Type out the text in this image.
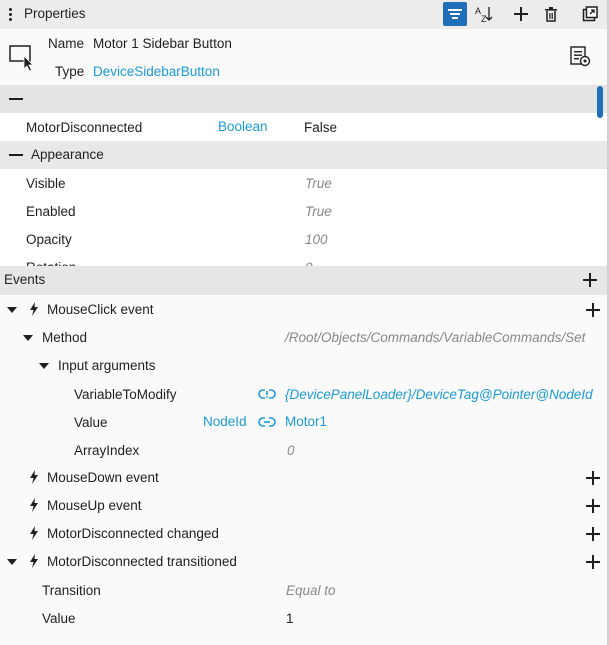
Properties	A
Z
Name Motor 1 Sidebar Button
Type DeviceSidebarButton
MotorDisconnected	Boolean	False
Appearance
Visible	True
Enabled	True
Opacity	100
Events
MouseClick event
Method	/Root/Objects/Commands/VariableCommands/Set
Input arguments
VariableToModify	{DevicePanelLoader}/DeviceTag@Pointer@NodeId
Value	NodeId	Motor1
ArrayIndex	0
MouseDown event
MouseUp event
MotorDisconnected changed
MotorDisconnected transitioned
Transition	Equal to
Value	1
